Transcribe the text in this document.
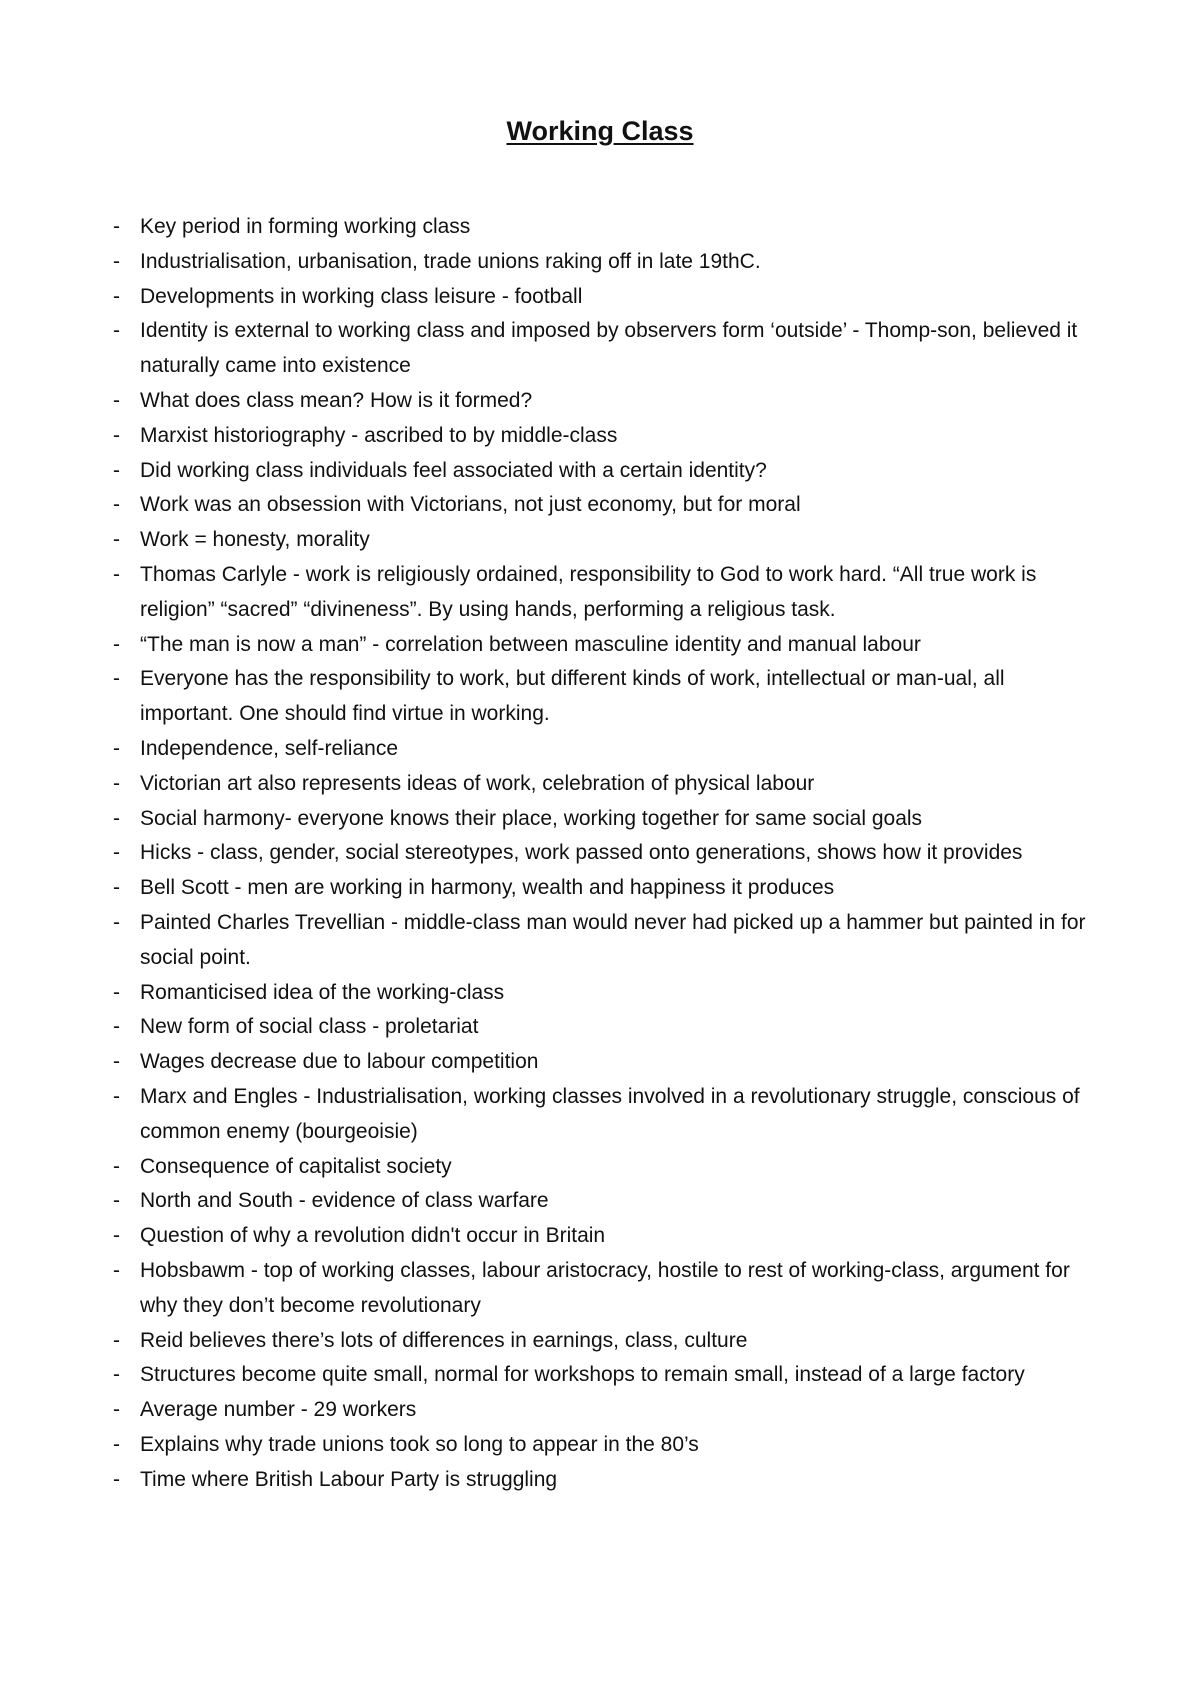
Working Class
- Key period in forming working class
- Industrialisation, urbanisation, trade unions raking off in late 19thC.
- Developments in working class leisure - football
- Identity is external to working class and imposed by observers form ‘outside’ - Thomp-son, believed it naturally came into existence
- What does class mean? How is it formed?
- Marxist historiography - ascribed to by middle-class
- Did working class individuals feel associated with a certain identity?
- Work was an obsession with Victorians, not just economy, but for moral
- Work = honesty, morality
- Thomas Carlyle - work is religiously ordained, responsibility to God to work hard. “All true work is religion” “sacred” “divineness”. By using hands, performing a religious task.
- “The man is now a man” - correlation between masculine identity and manual labour
- Everyone has the responsibility to work, but different kinds of work, intellectual or man-ual, all important. One should find virtue in working.
- Independence, self-reliance
- Victorian art also represents ideas of work, celebration of physical labour
- Social harmony- everyone knows their place, working together for same social goals
- Hicks - class, gender, social stereotypes, work passed onto generations, shows how it provides
- Bell Scott - men are working in harmony, wealth and happiness it produces
- Painted Charles Trevellian - middle-class man would never had picked up a hammer but painted in for social point.
- Romanticised idea of the working-class
- New form of social class - proletariat
- Wages decrease due to labour competition
- Marx and Engles - Industrialisation, working classes involved in a revolutionary struggle, conscious of common enemy (bourgeoisie)
- Consequence of capitalist society
- North and South - evidence of class warfare
- Question of why a revolution didn't occur in Britain
- Hobsbawm - top of working classes, labour aristocracy, hostile to rest of working-class, argument for why they don’t become revolutionary
- Reid believes there’s lots of differences in earnings, class, culture
- Structures become quite small, normal for workshops to remain small, instead of a large factory
- Average number - 29 workers
- Explains why trade unions took so long to appear in the 80’s
- Time where British Labour Party is struggling
